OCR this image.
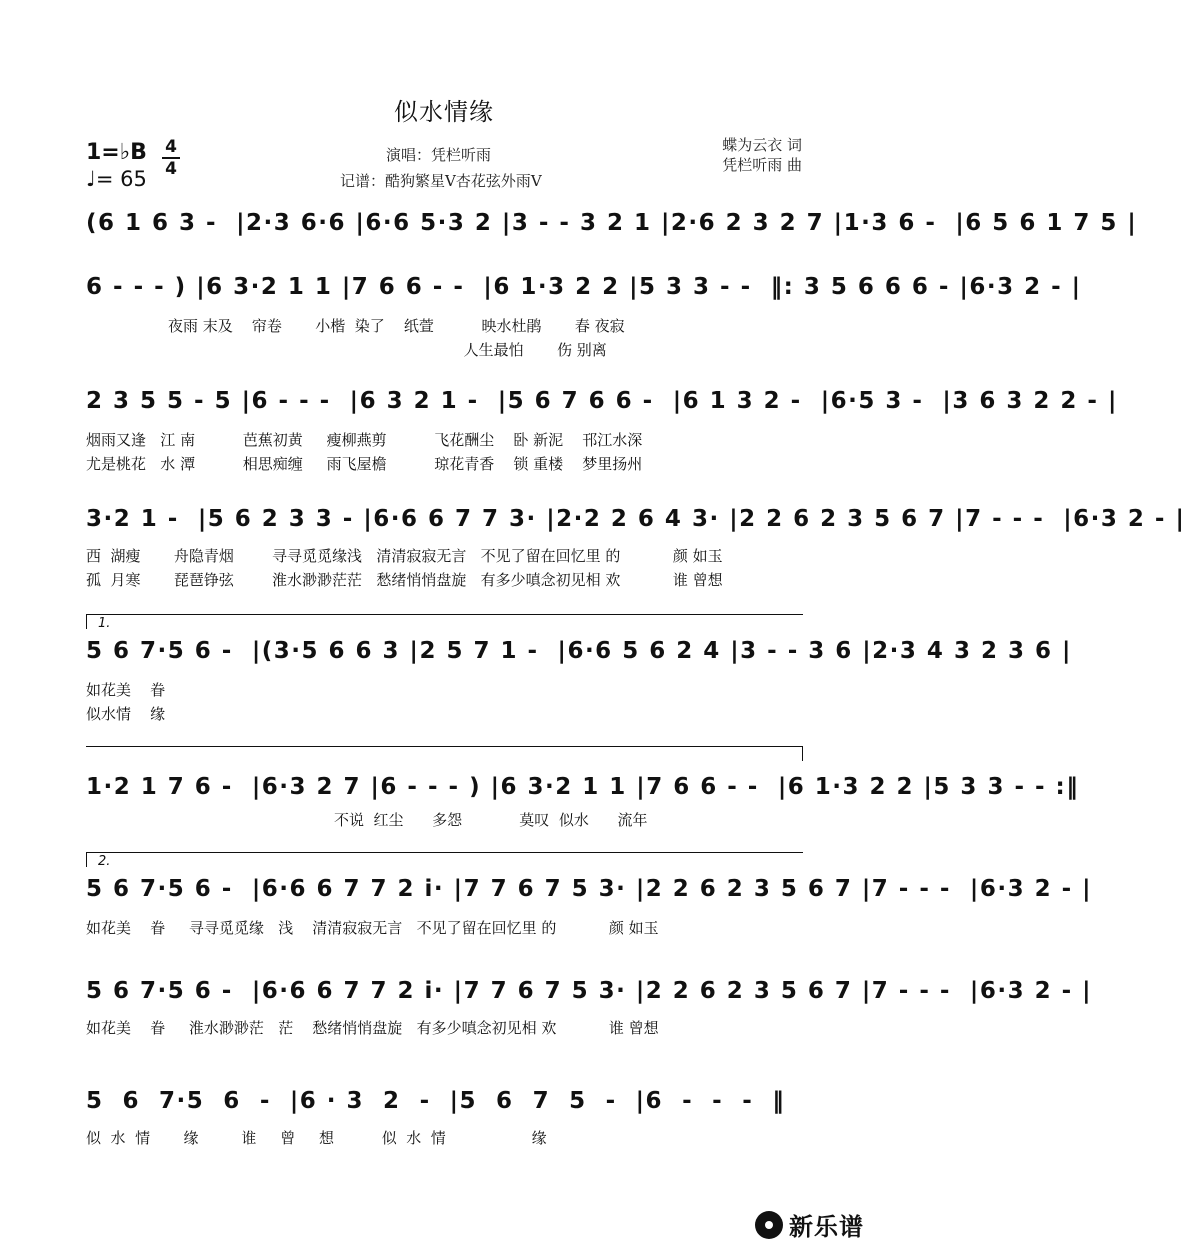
似水情缘
1=♭B 4
4
♩= 65
演唱：凭栏听雨
记谱：酷狗繁星V杏花弦外雨V
蝶为云衣 词
凭栏听雨 曲
(6 1 6 3 -  |2·3 6·6 |6·6 5·3 2 |3 - - 3 2 1 |2·6 2 3 2 7 |1·3 6 -  |6 5 6 1 7 5 |
6 - - - ) |6 3·2 1 1 |7 6 6 - -  |6 1·3 2 2 |5 3 3 - -  ‖: 3 5 6 6 6 - |6·3 2 - |
夜雨 末及    帘卷       小楷  染了    纸萱          映水杜鹃       春 夜寂
人生最怕       伤 别离
2 3 5 5 - 5 |6 - - -  |6 3 2 1 -  |5 6 7 6 6 -  |6 1 3 2 -  |6·5 3 -  |3 6 3 2 2 - |
烟雨又逢   江 南          芭蕉初黄     瘦柳燕剪          飞花酬尘    卧 新泥    邗江水深
尤是桃花   水 潭          相思痴缠     雨飞屋檐          琼花青香    锁 重楼    梦里扬州
3·2 1 -  |5 6 2 3 3 - |6·6 6 7 7 3· |2·2 2 6 4 3· |2 2 6 2 3 5 6 7 |7 - - -  |6·3 2 - |
西  湖瘦       舟隐青烟        寻寻觅觅缘浅   清清寂寂无言   不见了留在回忆里 的           颜 如玉
孤  月寒       琵琶铮弦        淮水渺渺茫茫   愁绪悄悄盘旋   有多少嗔念初见相 欢           谁 曾想
1.
5 6 7·5 6 -  |(3·5 6 6 3 |2 5 7 1 -  |6·6 5 6 2 4 |3 - - 3 6 |2·3 4 3 2 3 6 |
如花美    眷
似水情    缘
1·2 1 7 6 -  |6·3 2 7 |6 - - - ) |6 3·2 1 1 |7 6 6 - -  |6 1·3 2 2 |5 3 3 - - :‖
不说  红尘      多怨            莫叹  似水      流年
2.
5 6 7·5 6 -  |6·6 6 7 7 2 i· |7 7 6 7 5 3· |2 2 6 2 3 5 6 7 |7 - - -  |6·3 2 - |
如花美    眷     寻寻觅觅缘   浅    清清寂寂无言   不见了留在回忆里 的           颜 如玉
5 6 7·5 6 -  |6·6 6 7 7 2 i· |7 7 6 7 5 3· |2 2 6 2 3 5 6 7 |7 - - -  |6·3 2 - |
如花美    眷     淮水渺渺茫   茫    愁绪悄悄盘旋   有多少嗔念初见相 欢           谁 曾想
5  6  7·5  6  -  |6 · 3  2  -  |5  6  7  5  -  |6  -  -  -  ‖
似  水  情       缘         谁     曾     想          似  水  情                  缘
新乐谱
